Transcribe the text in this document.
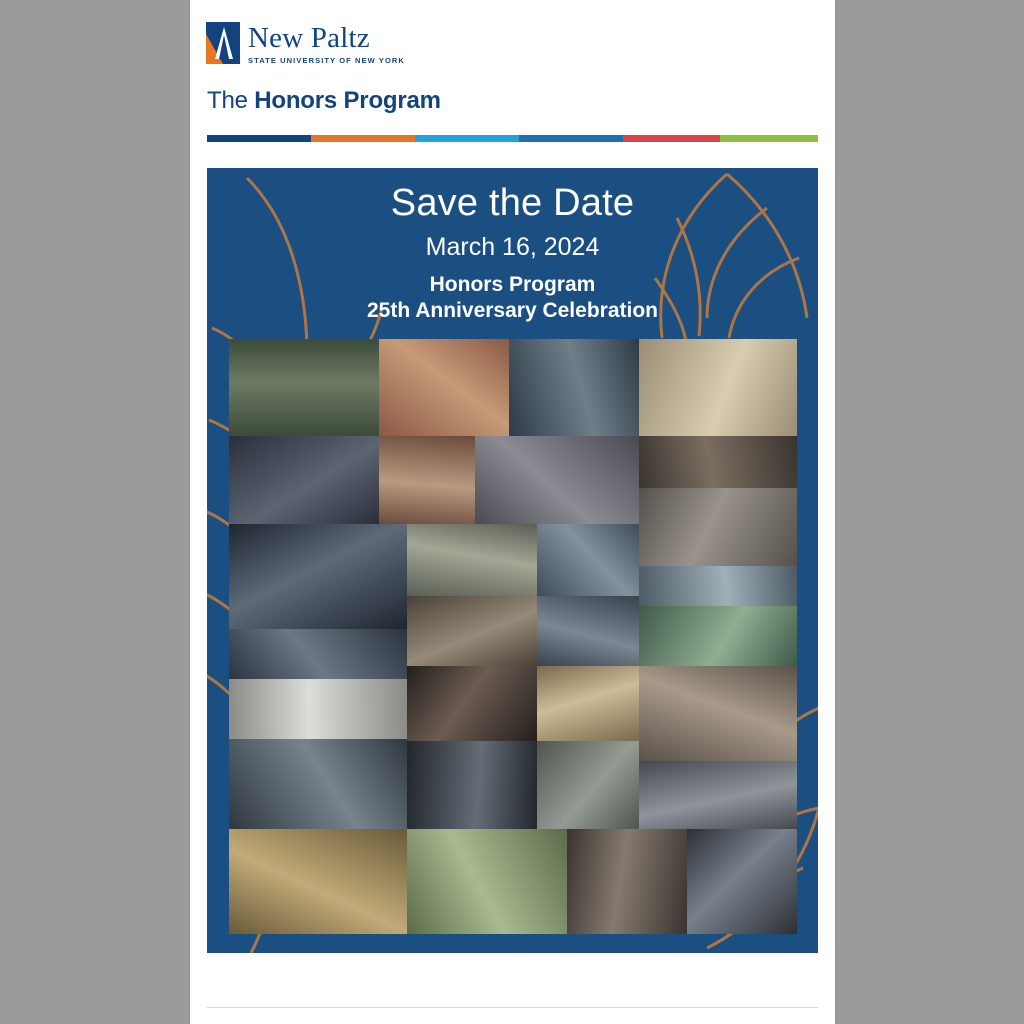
New Paltz
STATE UNIVERSITY OF NEW YORK
The Honors Program
Save the Date
March 16, 2024
Honors Program
25th Anniversary Celebration
